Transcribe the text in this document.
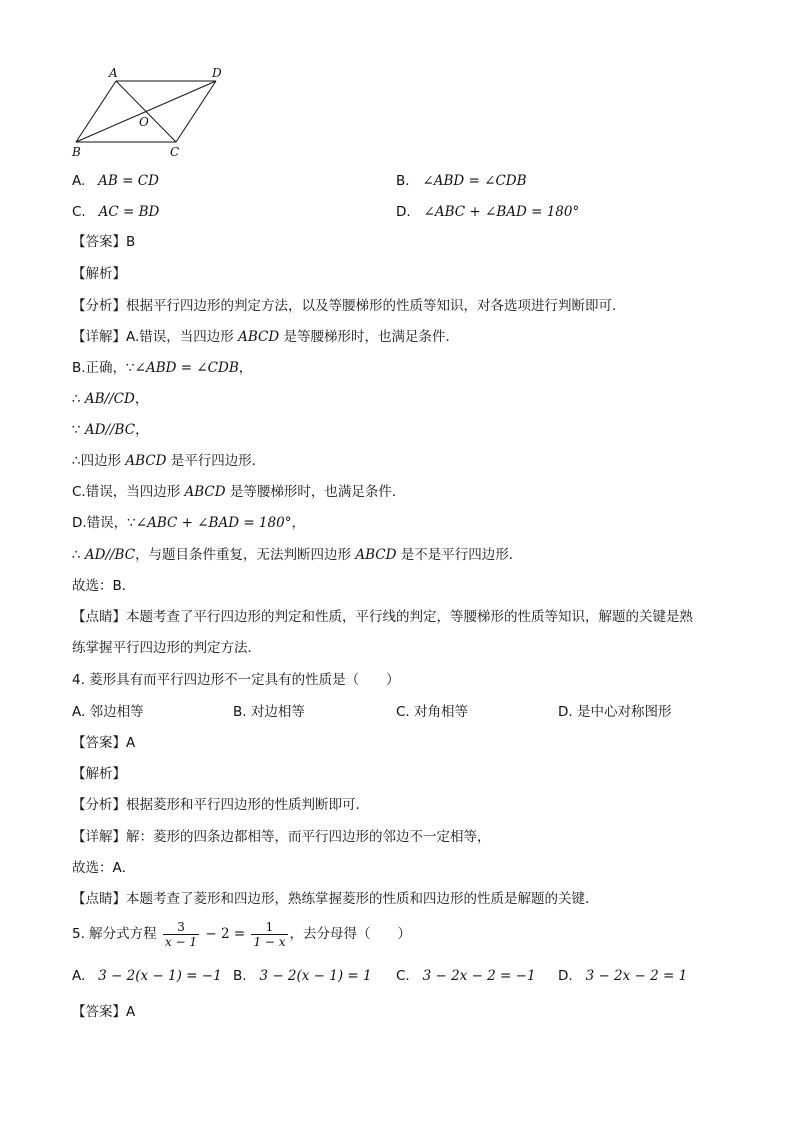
A	D
O
B	C
A. AB = CD	B. ∠ABD = ∠CDB
C. AC = BD	D. ∠ABC + ∠BAD = 180°
【答案】B
【解析】
【分析】根据平行四边形的判定方法，以及等腰梯形的性质等知识，对各选项进行判断即可．
【详解】A.错误，当四边形 ABCD 是等腰梯形时，也满足条件．
B.正确，∵∠ABD = ∠CDB，
∴ AB//CD，
∵ AD//BC，
∴四边形 ABCD 是平行四边形．
C.错误，当四边形 ABCD 是等腰梯形时，也满足条件．
D.错误，∵∠ABC + ∠BAD = 180°，
∴ AD//BC，与题目条件重复，无法判断四边形 ABCD 是不是平行四边形．
故选：B．
【点睛】本题考查了平行四边形的判定和性质，平行线的判定，等腰梯形的性质等知识，解题的关键是熟
练掌握平行四边形的判定方法．
4. 菱形具有而平行四边形不一定具有的性质是（　　）
A. 邻边相等	B. 对边相等	C. 对角相等	D. 是中心对称图形
【答案】A
【解析】
【分析】根据菱形和平行四边形的性质判断即可．
【详解】解：菱形的四条边都相等，而平行四边形的邻边不一定相等，
故选：A．
【点睛】本题考查了菱形和四边形，熟练掌握菱形的性质和四边形的性质是解题的关键．
5. 解分式方程 $\frac{3}{x - 1} - 2 = \frac{1}{1 - x}$ ，去分母得（　　）
A. 3 − 2(x − 1) = −1 B. 3 − 2(x − 1) = 1 C. 3 − 2x − 2 = −1 D. 3 − 2x − 2 = 1
【答案】A
